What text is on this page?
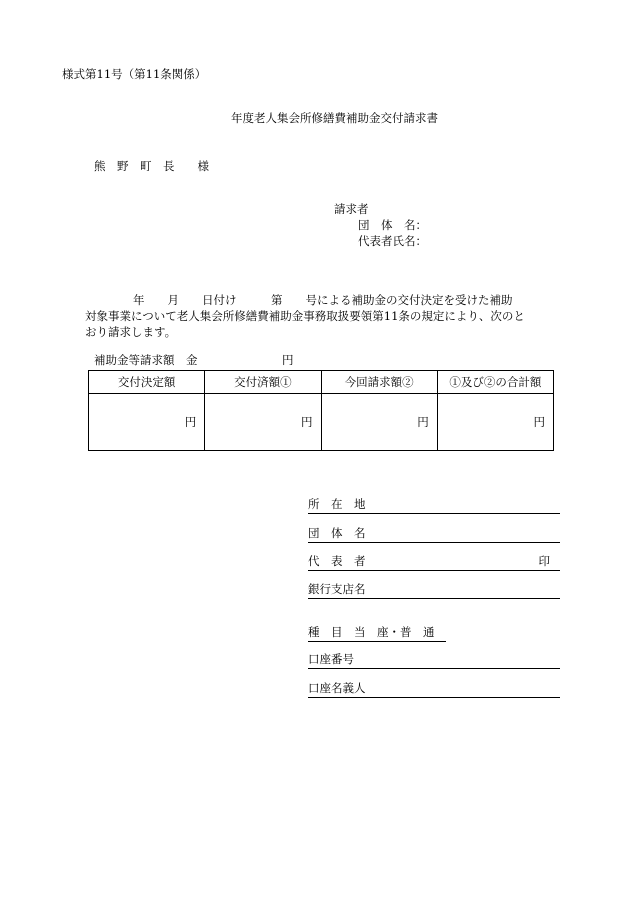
様式第11号（第11条関係）
年度老人集会所修繕費補助金交付請求書
熊　野　町　長　　様
請求者
団　体　名：
代表者氏名：
年　　月　　日付け　　　第　　号による補助金の交付決定を受けた補助
対象事業について老人集会所修繕費補助金事務取扱要領第11条の規定により、次のと
おり請求します。
補助金等請求額　金	円
交付決定額	交付済額①	今回請求額②	①及び②の合計額
円	円	円	円
所　在　地
団　体　名
代　表　者	印
銀行支店名
種　目　当　座・普　通
口座番号
口座名義人
